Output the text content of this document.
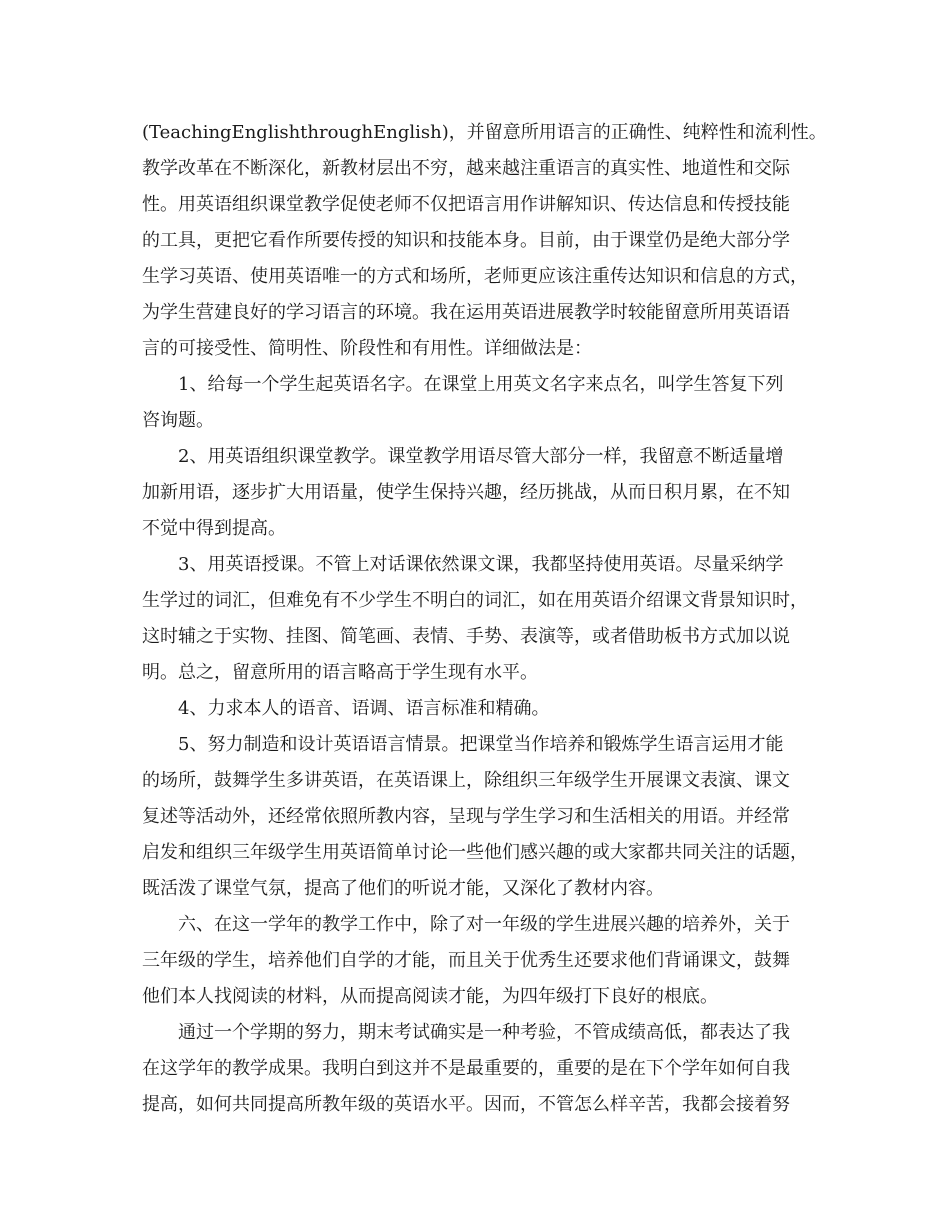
(TeachingEnglishthroughEnglish)，并留意所用语言的正确性、纯粹性和流利性。
教学改革在不断深化，新教材层出不穷，越来越注重语言的真实性、地道性和交际
性。用英语组织课堂教学促使老师不仅把语言用作讲解知识、传达信息和传授技能
的工具，更把它看作所要传授的知识和技能本身。目前，由于课堂仍是绝大部分学
生学习英语、使用英语唯一的方式和场所，老师更应该注重传达知识和信息的方式，
为学生营建良好的学习语言的环境。我在运用英语进展教学时较能留意所用英语语
言的可接受性、简明性、阶段性和有用性。详细做法是：
1、给每一个学生起英语名字。在课堂上用英文名字来点名，叫学生答复下列
咨询题。
2、用英语组织课堂教学。课堂教学用语尽管大部分一样，我留意不断适量增
加新用语，逐步扩大用语量，使学生保持兴趣，经历挑战，从而日积月累，在不知
不觉中得到提高。
3、用英语授课。不管上对话课依然课文课，我都坚持使用英语。尽量采纳学
生学过的词汇，但难免有不少学生不明白的词汇，如在用英语介绍课文背景知识时，
这时辅之于实物、挂图、简笔画、表情、手势、表演等，或者借助板书方式加以说
明。总之，留意所用的语言略高于学生现有水平。
4、力求本人的语音、语调、语言标准和精确。
5、努力制造和设计英语语言情景。把课堂当作培养和锻炼学生语言运用才能
的场所，鼓舞学生多讲英语，在英语课上，除组织三年级学生开展课文表演、课文
复述等活动外，还经常依照所教内容，呈现与学生学习和生活相关的用语。并经常
启发和组织三年级学生用英语简单讨论一些他们感兴趣的或大家都共同关注的话题，
既活泼了课堂气氛，提高了他们的听说才能，又深化了教材内容。
六、在这一学年的教学工作中，除了对一年级的学生进展兴趣的培养外，关于
三年级的学生，培养他们自学的才能，而且关于优秀生还要求他们背诵课文，鼓舞
他们本人找阅读的材料，从而提高阅读才能，为四年级打下良好的根底。
通过一个学期的努力，期末考试确实是一种考验，不管成绩高低，都表达了我
在这学年的教学成果。我明白到这并不是最重要的，重要的是在下个学年如何自我
提高，如何共同提高所教年级的英语水平。因而，不管怎么样辛苦，我都会接着努
